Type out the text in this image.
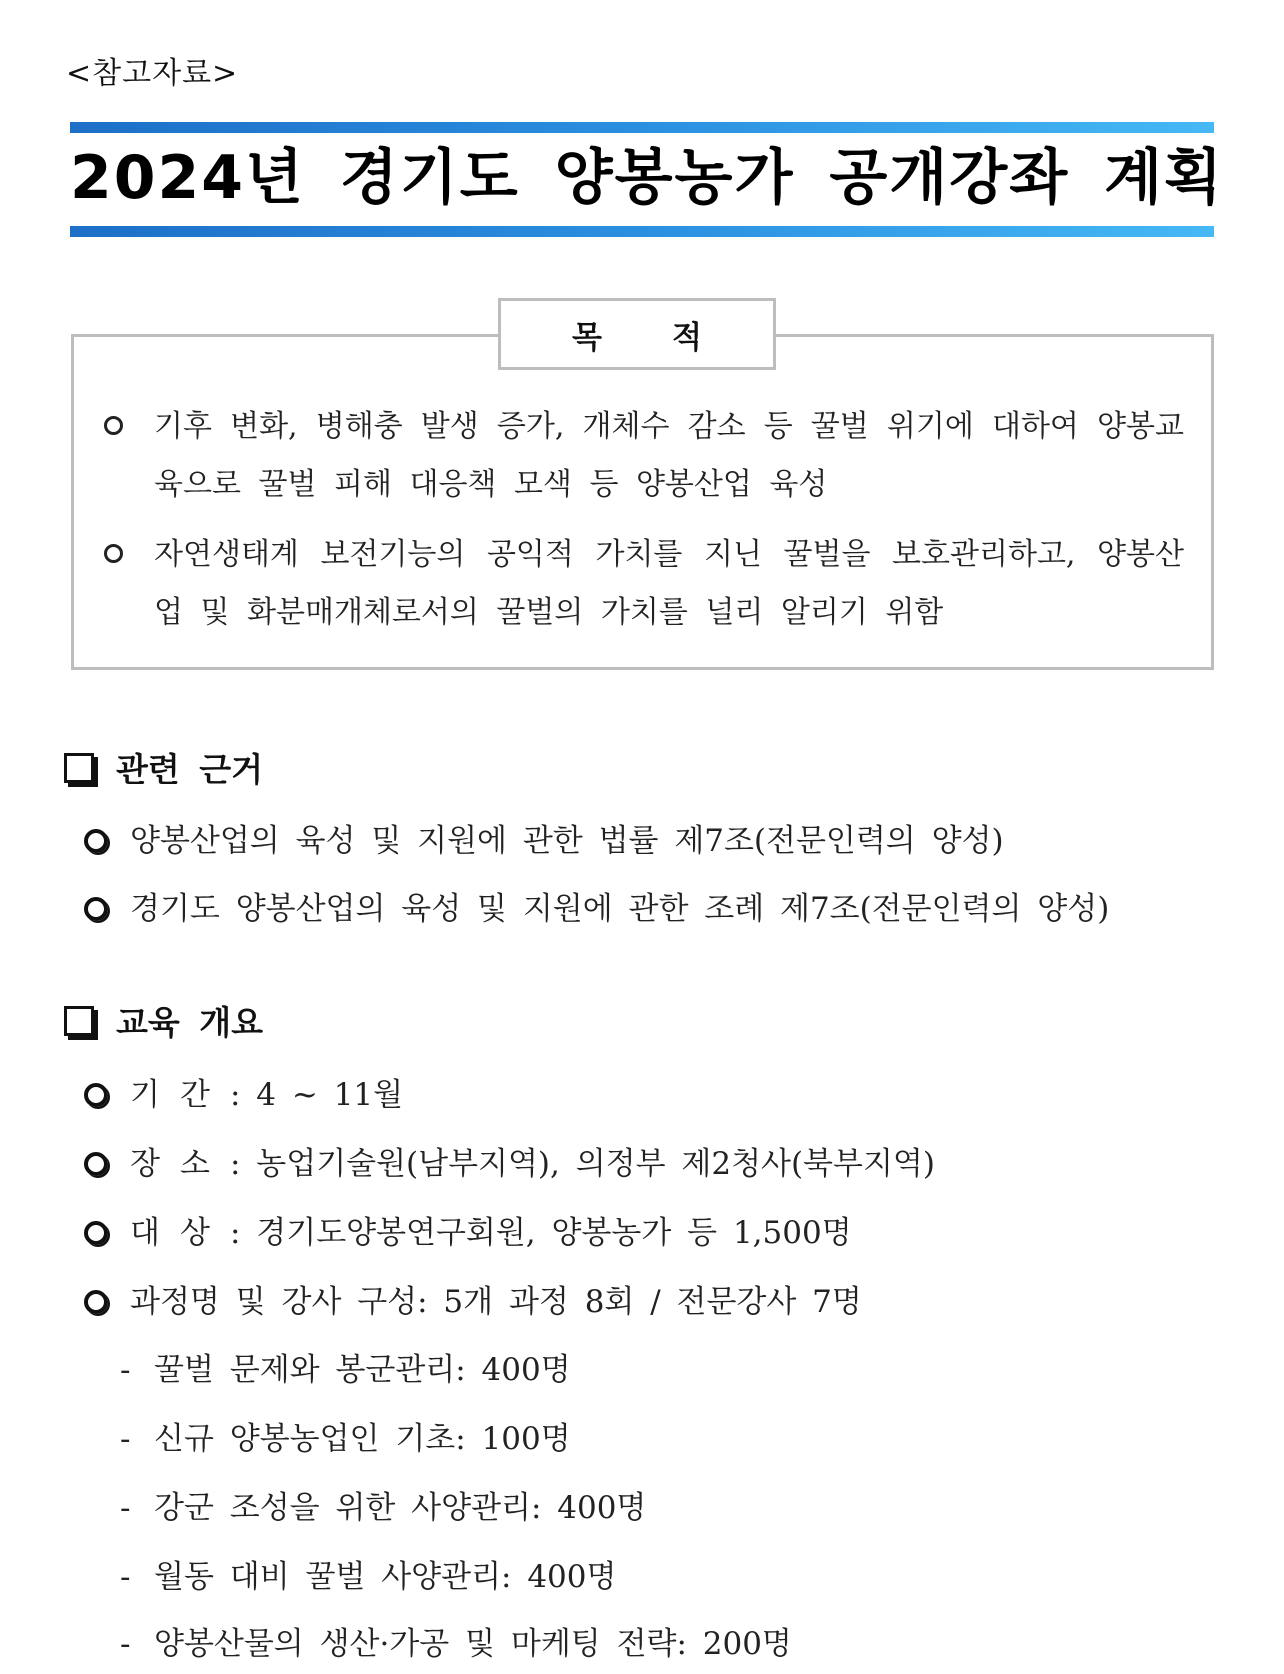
<참고자료>
2024년 경기도 양봉농가 공개강좌 계획
목적
기후 변화, 병해충 발생 증가, 개체수 감소 등 꿀벌 위기에 대하여 양봉교육으로 꿀벌 피해 대응책 모색 등 양봉산업 육성
자연생태계 보전기능의 공익적 가치를 지닌 꿀벌을 보호관리하고, 양봉산업 및 화분매개체로서의 꿀벌의 가치를 널리 알리기 위함
관련 근거
양봉산업의 육성 및 지원에 관한 법률 제7조(전문인력의 양성)
경기도 양봉산업의 육성 및 지원에 관한 조례 제7조(전문인력의 양성)
교육 개요
기 간 : 4 ~ 11월
장 소 : 농업기술원(남부지역), 의정부 제2청사(북부지역)
대 상 : 경기도양봉연구회원, 양봉농가 등 1,500명
과정명 및 강사 구성: 5개 과정 8회 / 전문강사 7명
- 꿀벌 문제와 봉군관리: 400명
- 신규 양봉농업인 기초: 100명
- 강군 조성을 위한 사양관리: 400명
- 월동 대비 꿀벌 사양관리: 400명
- 양봉산물의 생산·가공 및 마케팅 전략: 200명
